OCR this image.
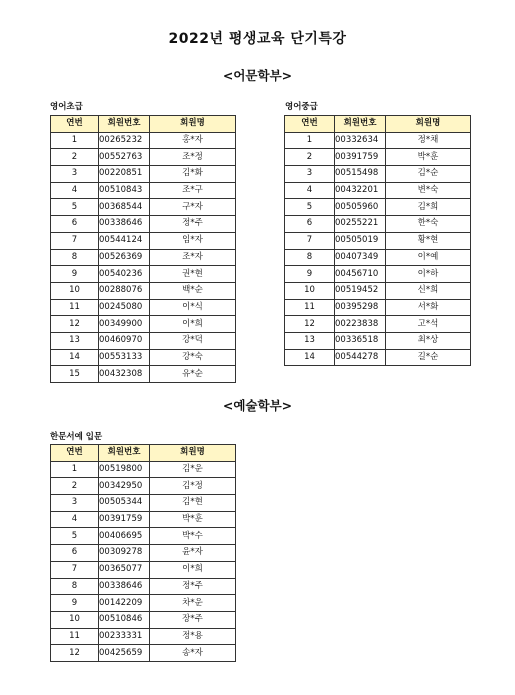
2022년 평생교육 단기특강
<어문학부>
영어초급
연번	회원번호	회원명
1	00265232	홍*자
2	00552763	조*정
3	00220851	김*화
4	00510843	조*구
5	00368544	구*자
6	00338646	정*주
7	00544124	임*자
8	00526369	조*자
9	00540236	권*현
10	00288076	백*순
11	00245080	이*식
12	00349900	이*희
13	00460970	강*덕
14	00553133	강*숙
15	00432308	유*순
영어중급
연번	회원번호	회원명
1	00332634	정*채
2	00391759	박*훈
3	00515498	김*순
4	00432201	변*숙
5	00505960	김*희
6	00255221	한*숙
7	00505019	황*현
8	00407349	이*예
9	00456710	이*하
10	00519452	신*희
11	00395298	서*화
12	00223838	고*석
13	00336518	최*상
14	00544278	길*순
<예술학부>
한문서예 입문
연번	회원번호	회원명
1	00519800	김*운
2	00342950	김*정
3	00505344	김*현
4	00391759	박*훈
5	00406695	박*수
6	00309278	윤*자
7	00365077	이*희
8	00338646	정*주
9	00142209	차*운
10	00510846	장*주
11	00233331	정*용
12	00425659	송*자
